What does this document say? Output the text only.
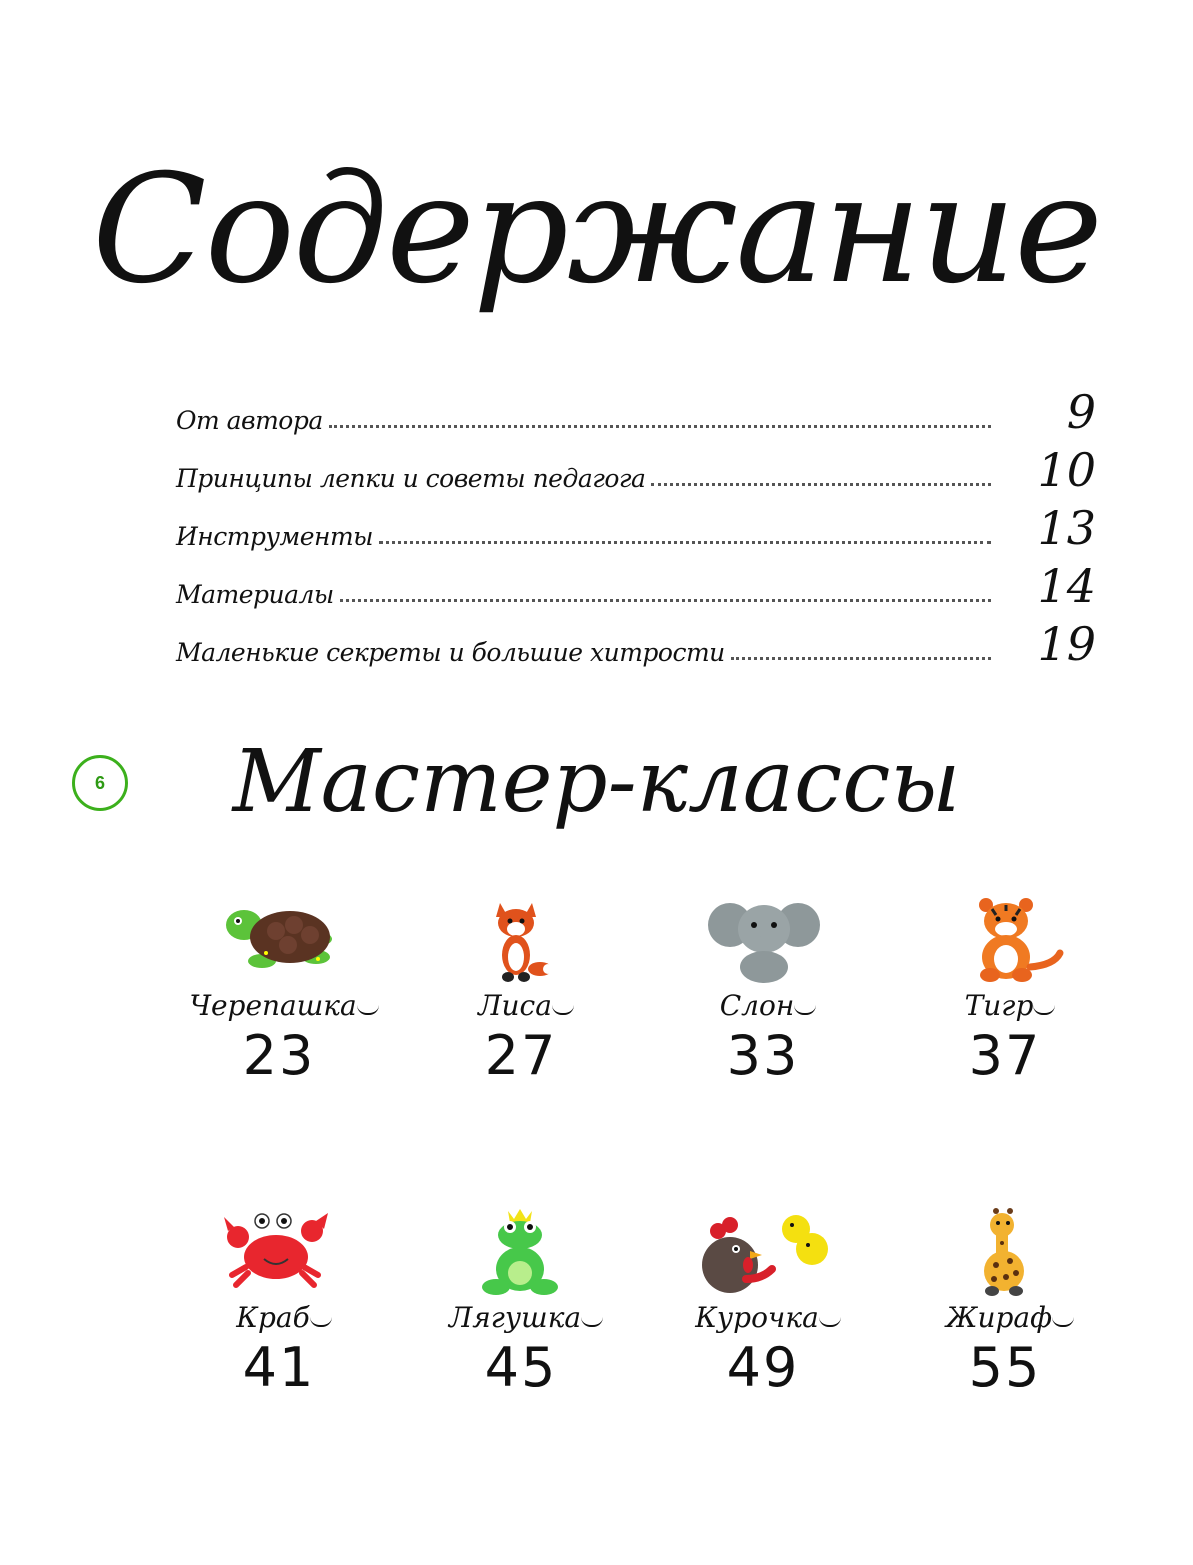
Содержание
От автора	9
Принципы лепки и советы педагога	10
Инструменты	13
Материалы	14
Маленькие секреты и большие хитрости	19
6	Мастер-классы
Черепашка
23
Лиса
27
Слон
33
Тигр
37
Краб
41
Лягушка
45
Курочка
49
Жираф
55
